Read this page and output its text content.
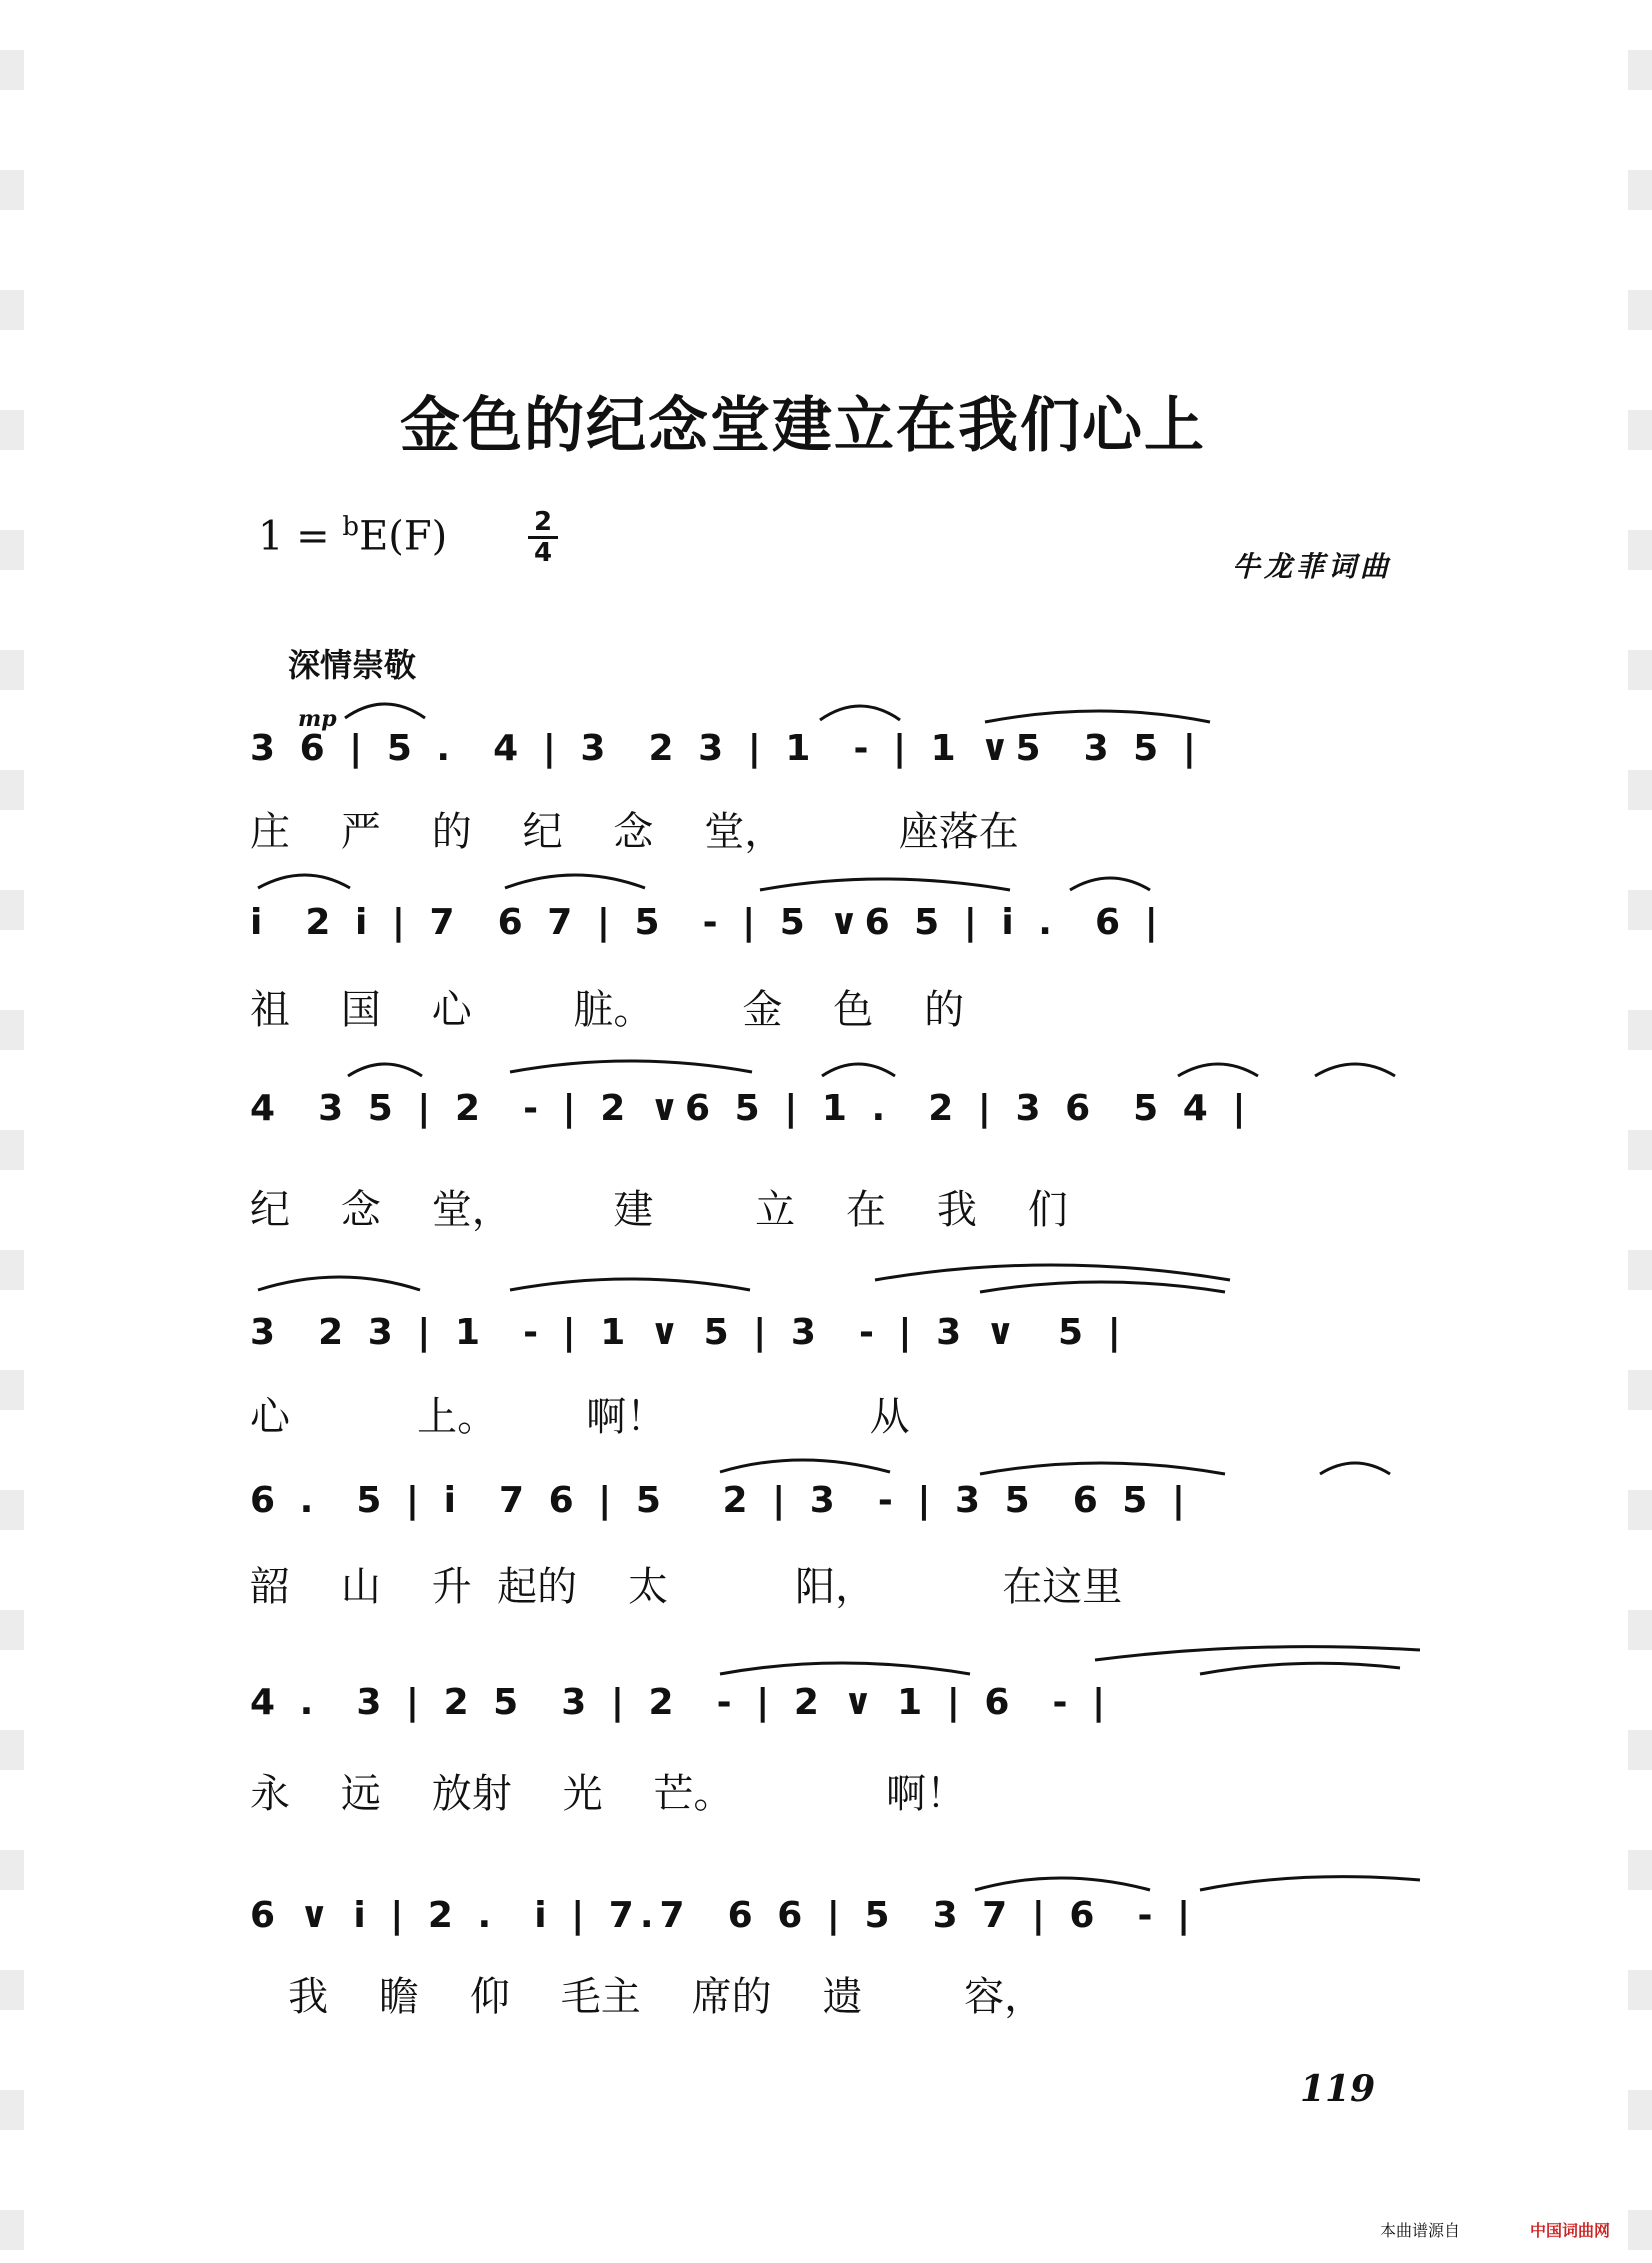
金色的纪念堂建立在我们心上
1 = $^b$E(F)	2
4	牛龙菲词曲
深情崇敬
mp
3 6 | 5 .  4 | 3  2 3 | 1  - | 1 ∨5  3 5 |
庄    严    的    纪    念    堂，         座落在
i  2 i | 7  6 7 | 5  - | 5 ∨6 5 | i .  6 |
祖    国    心        脏。       金    色    的
4  3 5 | 2  - | 2 ∨6 5 | 1 .  2 | 3 6  5 4 |
纪    念    堂，        建        立    在    我    们
3  2 3 | 1  - | 1 ∨ 5 | 3  - | 3 ∨  5 |
心          上。       啊！                从
6 .  5 | i  7 6 | 5   2 | 3  - | 3 5  6 5 |
韶    山    升  起的    太          阳，          在这里
4 .  3 | 2 5  3 | 2  - | 2 ∨ 1 | 6  - |
永    远    放射    光    芒。            啊！
6 ∨ i | 2 .  i | 7.7  6 6 | 5  3 7 | 6  - |
我    瞻    仰    毛主    席的    遗        容，
119
本曲谱源自	中国词曲网
